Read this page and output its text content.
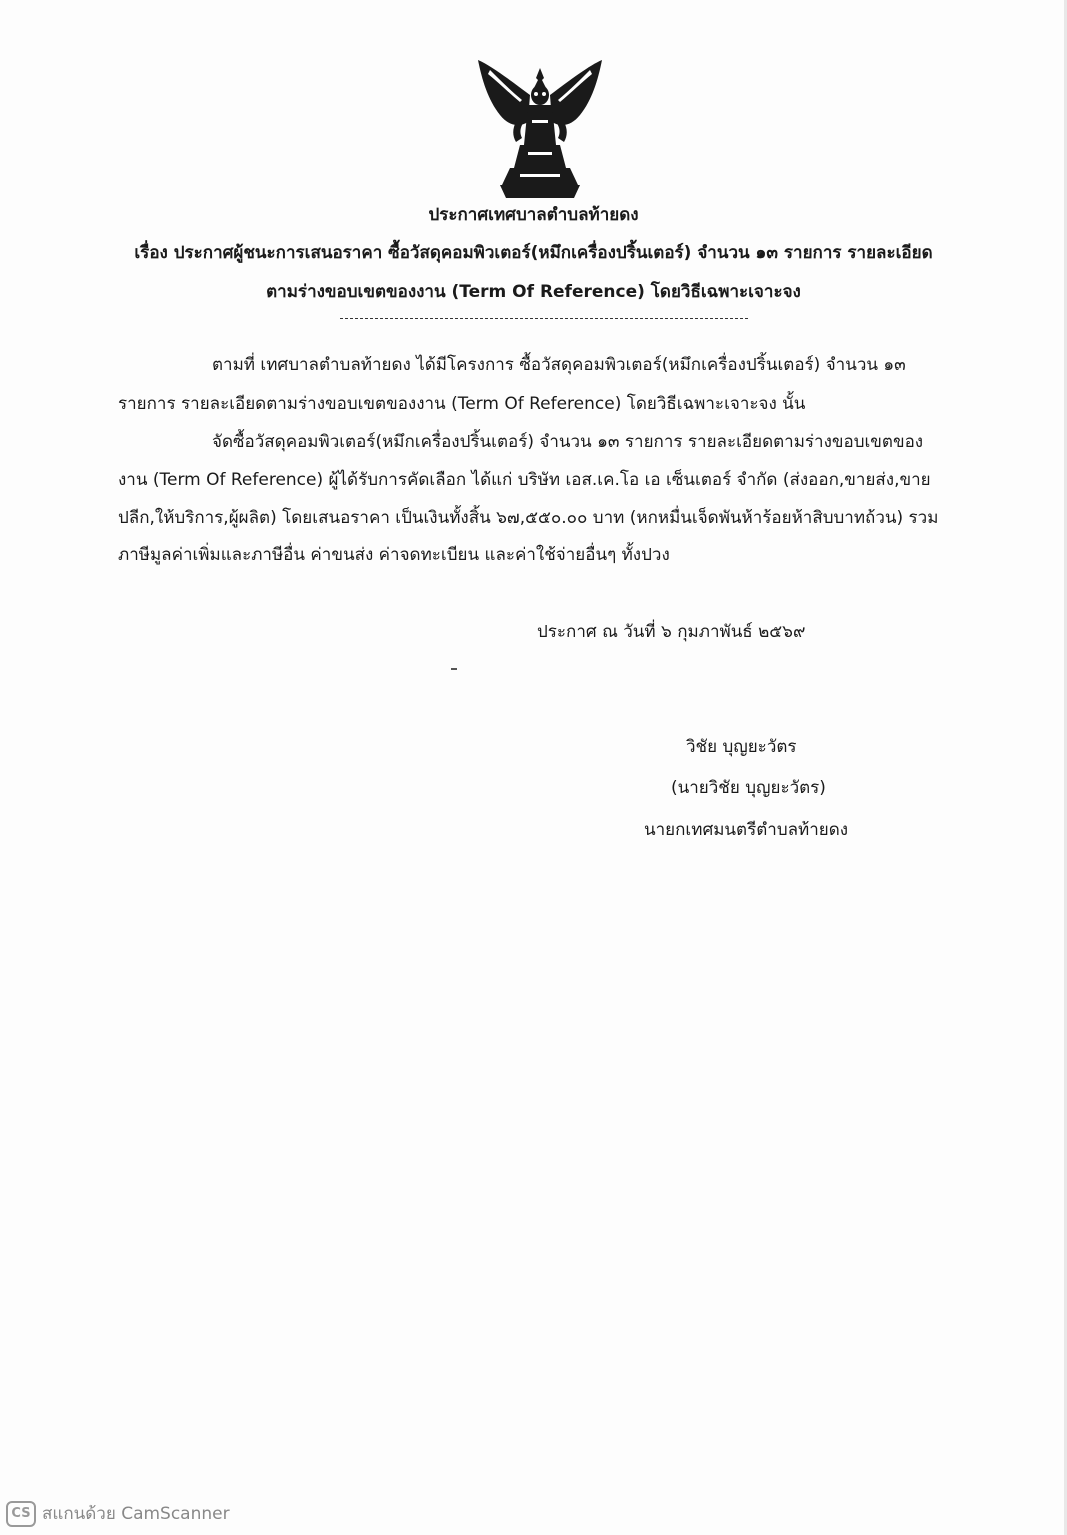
ประกาศเทศบาลตำบลท้ายดง
เรื่อง ประกาศผู้ชนะการเสนอราคา ซื้อวัสดุคอมพิวเตอร์(หมึกเครื่องปริ้นเตอร์) จำนวน ๑๓ รายการ รายละเอียด
ตามร่างขอบเขตของงาน (Term Of Reference) โดยวิธีเฉพาะเจาะจง
ตามที่ เทศบาลตำบลท้ายดง ได้มีโครงการ ซื้อวัสดุคอมพิวเตอร์(หมึกเครื่องปริ้นเตอร์) จำนวน ๑๓
รายการ รายละเอียดตามร่างขอบเขตของงาน (Term Of Reference) โดยวิธีเฉพาะเจาะจง นั้น
จัดซื้อวัสดุคอมพิวเตอร์(หมึกเครื่องปริ้นเตอร์) จำนวน ๑๓ รายการ รายละเอียดตามร่างขอบเขตของ
งาน (Term Of Reference) ผู้ได้รับการคัดเลือก ได้แก่ บริษัท เอส.เค.โอ เอ เซ็นเตอร์ จำกัด (ส่งออก,ขายส่ง,ขาย
ปลีก,ให้บริการ,ผู้ผลิต) โดยเสนอราคา เป็นเงินทั้งสิ้น ๖๗,๕๕๐.๐๐ บาท (หกหมื่นเจ็ดพันห้าร้อยห้าสิบบาทถ้วน) รวม
ภาษีมูลค่าเพิ่มและภาษีอื่น ค่าขนส่ง ค่าจดทะเบียน และค่าใช้จ่ายอื่นๆ ทั้งปวง
ประกาศ ณ วันที่ ๖ กุมภาพันธ์ ๒๕๖๙
วิชัย บุญยะวัตร
(นายวิชัย บุญยะวัตร)
นายกเทศมนตรีตำบลท้ายดง
CS สแกนด้วย CamScanner
